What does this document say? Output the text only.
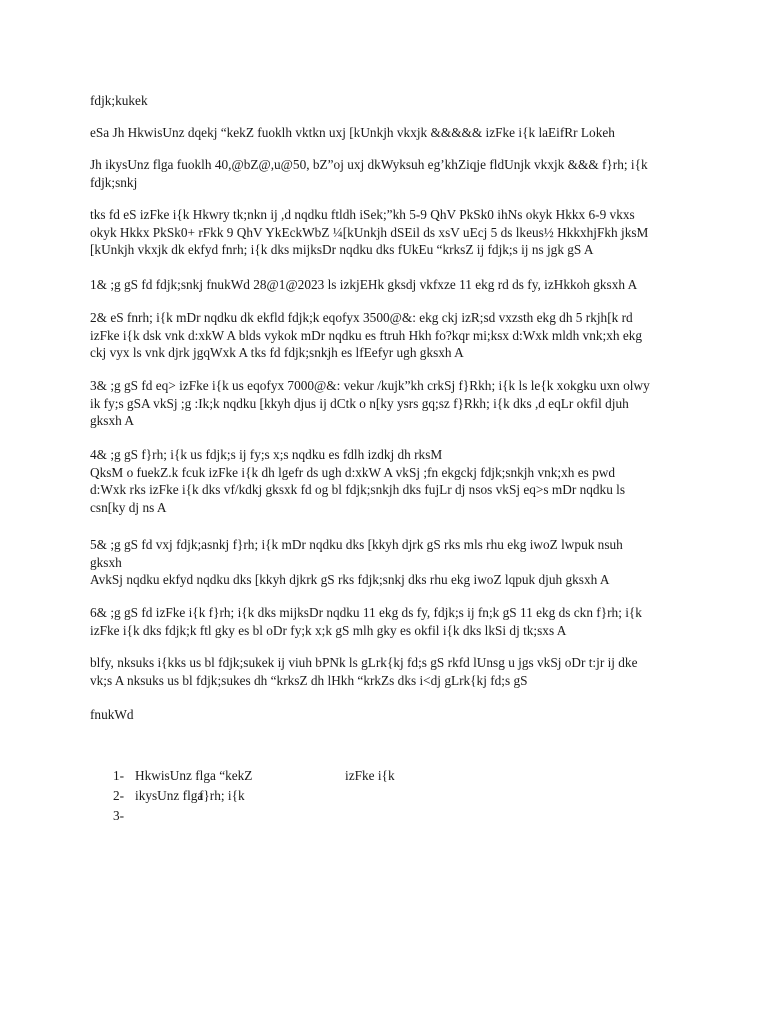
fdjk;kukek

eSa Jh HkwisUnz dqekj “kekZ fuoklh vktkn uxj [kUnkjh vkxjk &&&&& izFke i{k laEifRr Lokeh

Jh ikysUnz flga fuoklh 40,@bZ@,u@50, bZ”oj uxj dkWyksuh eg’khZiqje fldUnjk vkxjk &&& f}rh; i{k
fdjk;snkj

tks fd eS izFke i{k Hkwry tk;nkn ij ,d nqdku ftldh iSek;”kh 5-9 QhV PkSk0 ihNs okyk Hkkx 6-9 vkxs
okyk Hkkx PkSk0+ rFkk 9 QhV YkEckWbZ ¼[kUnkjh dSEil ds xsV uEcj 5 ds lkeus½ HkkxhjFkh jksM
[kUnkjh vkxjk dk ekfyd fnrh; i{k dks mijksDr nqdku dks fUkEu “krksZ ij fdjk;s ij ns jgk gS A

1& ;g gS fd fdjk;snkj fnukWd 28@1@2023 ls izkjEHk gksdj vkfxze 11 ekg rd ds fy, izHkkoh gksxh A

2& eS fnrh; i{k mDr nqdku dk ekfld fdjk;k eqofyx 3500@&: ekg ckj izR;sd vxzsth ekg dh 5 rkjh[k rd
izFke i{k dsk vnk d:xkW A blds vykok mDr nqdku es ftruh Hkh fo?kqr mi;ksx d:Wxk mldh vnk;xh ekg
ckj vyx ls vnk djrk jgqWxk A tks fd fdjk;snkjh es lfEefyr ugh gksxh A

3& ;g gS fd eq> izFke i{k us eqofyx 7000@&: vekur /kujk”kh crkSj f}Rkh; i{k ls le{k xokgku uxn olwy
ik fy;s gSA vkSj ;g :Ik;k nqdku [kkyh djus ij dCtk o n[ky ysrs gq;sz f}Rkh; i{k dks ,d eqLr okfil djuh
gksxh A

4& ;g gS f}rh; i{k us fdjk;s ij fy;s x;s nqdku es fdlh izdkj dh rksM
QksM o fuekZ.k fcuk izFke i{k dh lgefr ds ugh d:xkW A vkSj ;fn ekgckj fdjk;snkjh vnk;xh es pwd
d:Wxk rks izFke i{k dks vf/kdkj gksxk fd og bl fdjk;snkjh dks fujLr dj nsos vkSj eq>s mDr nqdku ls
csn[ky dj ns A

5& ;g gS fd vxj fdjk;asnkj f}rh; i{k mDr nqdku dks [kkyh djrk gS rks mls rhu ekg iwoZ lwpuk nsuh
gksxh
AvkSj nqdku ekfyd nqdku dks [kkyh djkrk gS rks fdjk;snkj dks rhu ekg iwoZ lqpuk djuh gksxh A

6& ;g gS fd izFke i{k f}rh; i{k dks mijksDr nqdku 11 ekg ds fy, fdjk;s ij fn;k gS 11 ekg ds ckn f}rh; i{k
izFke i{k dks fdjk;k ftl gky es bl oDr fy;k x;k gS mlh gky es okfil i{k dks lkSi dj tk;sxs A

blfy, nksuks i{kks us bl fdjk;sukek ij viuh bPNk ls gLrk{kj fd;s gS rkfd lUnsg u jgs vkSj oDr t:jr ij dke
vk;s A nksuks us bl fdjk;sukes dh “krksZ dh lHkh “krkZs dks i<dj gLrk{kj fd;s gS

fnukWd

1- HkwisUnz flga “kekZ	izFke i{k
2- ikysUnz flgaf}rh; i{k
3-
